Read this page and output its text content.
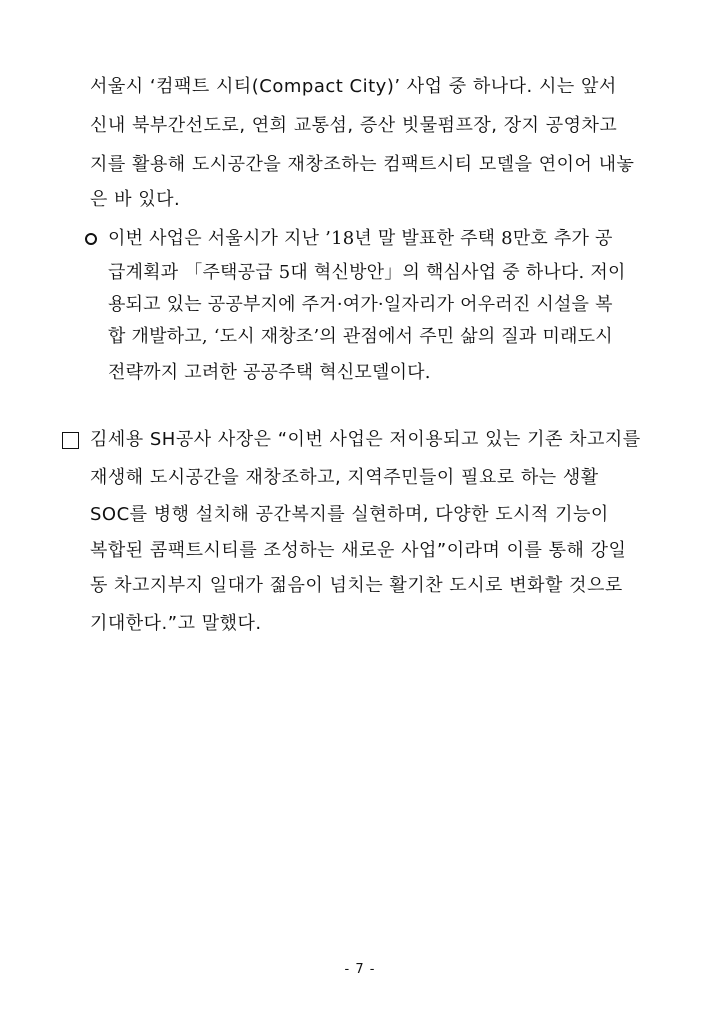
서울시 ‘컴팩트 시티(Compact City)’ 사업 중 하나다. 시는 앞서
신내 북부간선도로, 연희 교통섬, 증산 빗물펌프장, 장지 공영차고
지를 활용해 도시공간을 재창조하는 컴팩트시티 모델을 연이어 내놓
은 바 있다.
이번 사업은 서울시가 지난 ’18년 말 발표한 주택 8만호 추가 공
급계획과 「주택공급 5대 혁신방안」의 핵심사업 중 하나다. 저이
용되고 있는 공공부지에 주거·여가·일자리가 어우러진 시설을 복
합 개발하고, ‘도시 재창조’의 관점에서 주민 삶의 질과 미래도시
전략까지 고려한 공공주택 혁신모델이다.
김세용 SH공사 사장은 “이번 사업은 저이용되고 있는 기존 차고지를
재생해 도시공간을 재창조하고, 지역주민들이 필요로 하는 생활
SOC를 병행 설치해 공간복지를 실현하며, 다양한 도시적 기능이
복합된 콤팩트시티를 조성하는 새로운 사업”이라며 이를 통해 강일
동 차고지부지 일대가 젊음이 넘치는 활기찬 도시로 변화할 것으로
기대한다.”고 말했다.
- 7 -
